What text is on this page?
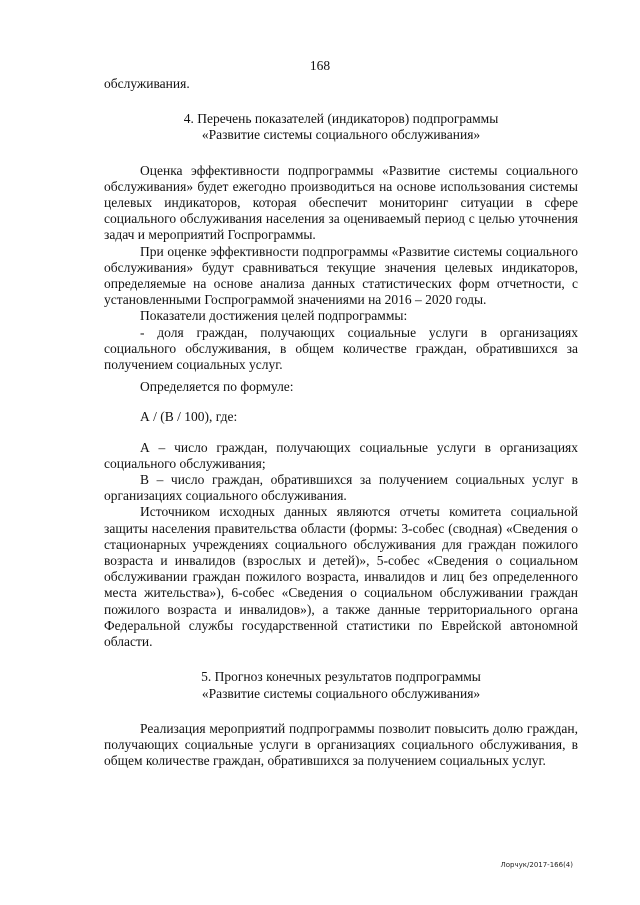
168

обслуживания.

4. Перечень показателей (индикаторов) подпрограммы

«Развитие системы социального обслуживания»

Оценка эффективности подпрограммы «Развитие системы социального обслуживания» будет ежегодно производиться на основе использования системы целевых индикаторов, которая обеспечит мониторинг ситуации в сфере социального обслуживания населения за оцениваемый период с целью уточнения задач и мероприятий Госпрограммы.

При оценке эффективности подпрограммы «Развитие системы социального обслуживания» будут сравниваться текущие значения целевых индикаторов, определяемые на основе анализа данных статистических форм отчетности, с установленными Госпрограммой значениями на 2016 – 2020 годы.

Показатели достижения целей подпрограммы:

- доля граждан, получающих социальные услуги в организациях социального обслуживания, в общем количестве граждан, обратившихся за получением социальных услуг.

Определяется по формуле:

А / (В / 100), где:

А – число граждан, получающих социальные услуги в организациях социального обслуживания;

В – число граждан, обратившихся за получением социальных услуг в организациях социального обслуживания.

Источником исходных данных являются отчеты комитета социальной защиты населения правительства области (формы: 3-собес (сводная) «Сведения о стационарных учреждениях социального обслуживания для граждан пожилого возраста и инвалидов (взрослых и детей)», 5-собес «Сведения о социальном обслуживании граждан пожилого возраста, инвалидов и лиц без определенного места жительства»), 6-собес «Сведения о социальном обслуживании граждан пожилого возраста и инвалидов»), а также данные территориального органа Федеральной службы государственной статистики по Еврейской автономной области.

5. Прогноз конечных результатов подпрограммы

«Развитие системы социального обслуживания»

Реализация мероприятий подпрограммы позволит повысить долю граждан, получающих социальные услуги в организациях социального обслуживания, в общем количестве граждан, обратившихся за получением социальных услуг.

Лорчук/2017-166(4)
